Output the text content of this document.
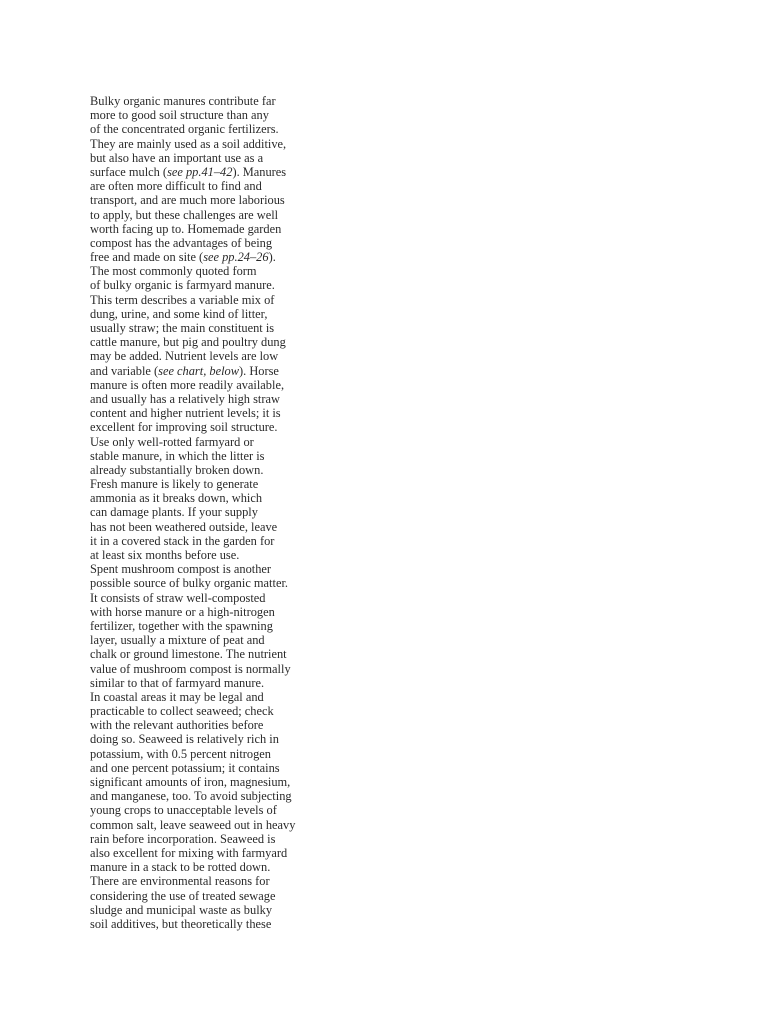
Bulky organic manures contribute far
more to good soil structure than any
of the concentrated organic fertilizers.
They are mainly used as a soil additive,
but also have an important use as a
surface mulch (see pp.41–42). Manures
are often more difficult to find and
transport, and are much more laborious
to apply, but these challenges are well
worth facing up to. Homemade garden
compost has the advantages of being
free and made on site (see pp.24–26).
The most commonly quoted form
of bulky organic is farmyard manure.
This term describes a variable mix of
dung, urine, and some kind of litter,
usually straw; the main constituent is
cattle manure, but pig and poultry dung
may be added. Nutrient levels are low
and variable (see chart, below). Horse
manure is often more readily available,
and usually has a relatively high straw
content and higher nutrient levels; it is
excellent for improving soil structure.
Use only well-rotted farmyard or
stable manure, in which the litter is
already substantially broken down.
Fresh manure is likely to generate
ammonia as it breaks down, which
can damage plants. If your supply
has not been weathered outside, leave
it in a covered stack in the garden for
at least six months before use.
Spent mushroom compost is another
possible source of bulky organic matter.
It consists of straw well-composted
with horse manure or a high-nitrogen
fertilizer, together with the spawning
layer, usually a mixture of peat and
chalk or ground limestone. The nutrient
value of mushroom compost is normally
similar to that of farmyard manure.
In coastal areas it may be legal and
practicable to collect seaweed; check
with the relevant authorities before
doing so. Seaweed is relatively rich in
potassium, with 0.5 percent nitrogen
and one percent potassium; it contains
significant amounts of iron, magnesium,
and manganese, too. To avoid subjecting
young crops to unacceptable levels of
common salt, leave seaweed out in heavy
rain before incorporation. Seaweed is
also excellent for mixing with farmyard
manure in a stack to be rotted down.
There are environmental reasons for
considering the use of treated sewage
sludge and municipal waste as bulky
soil additives, but theoretically these
